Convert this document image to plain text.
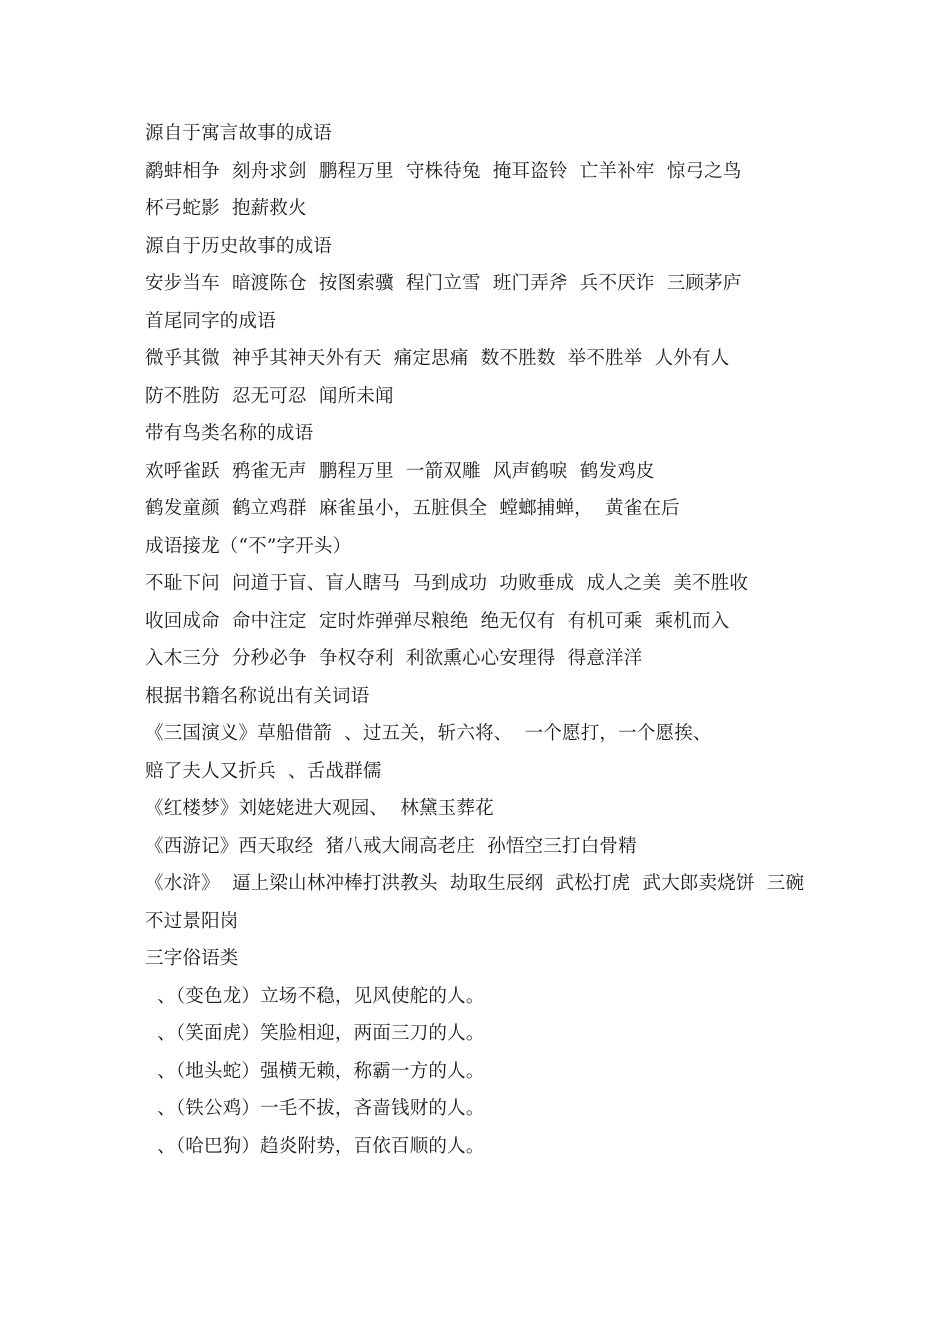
源自于寓言故事的成语
鹬蚌相争  刻舟求剑  鹏程万里  守株待兔  掩耳盗铃  亡羊补牢  惊弓之鸟
杯弓蛇影  抱薪救火
源自于历史故事的成语
安步当车  暗渡陈仓  按图索骥  程门立雪  班门弄斧  兵不厌诈  三顾茅庐
首尾同字的成语
微乎其微  神乎其神天外有天  痛定思痛  数不胜数  举不胜举  人外有人
防不胜防  忍无可忍  闻所未闻
带有鸟类名称的成语
欢呼雀跃  鸦雀无声  鹏程万里  一箭双雕  风声鹤唳  鹤发鸡皮
鹤发童颜  鹤立鸡群  麻雀虽小，五脏俱全  螳螂捕蝉，  黄雀在后
成语接龙（“不”字开头）
不耻下问  问道于盲、盲人瞎马  马到成功  功败垂成  成人之美  美不胜收
收回成命  命中注定  定时炸弹弹尽粮绝  绝无仅有  有机可乘  乘机而入
入木三分  分秒必争  争权夺利  利欲熏心心安理得  得意洋洋
根据书籍名称说出有关词语
《三国演义》草船借箭  、过五关，斩六将、  一个愿打，一个愿挨、
赔了夫人又折兵  、舌战群儒
《红楼梦》刘姥姥进大观园、  林黛玉葬花
《西游记》西天取经  猪八戒大闹高老庄  孙悟空三打白骨精
《水浒》  逼上梁山林冲棒打洪教头  劫取生辰纲  武松打虎  武大郎卖烧饼  三碗
不过景阳岗
三字俗语类
、（变色龙）立场不稳，见风使舵的人。
、（笑面虎）笑脸相迎，两面三刀的人。
、（地头蛇）强横无赖，称霸一方的人。
、（铁公鸡）一毛不拔，吝啬钱财的人。
、（哈巴狗）趋炎附势，百依百顺的人。
